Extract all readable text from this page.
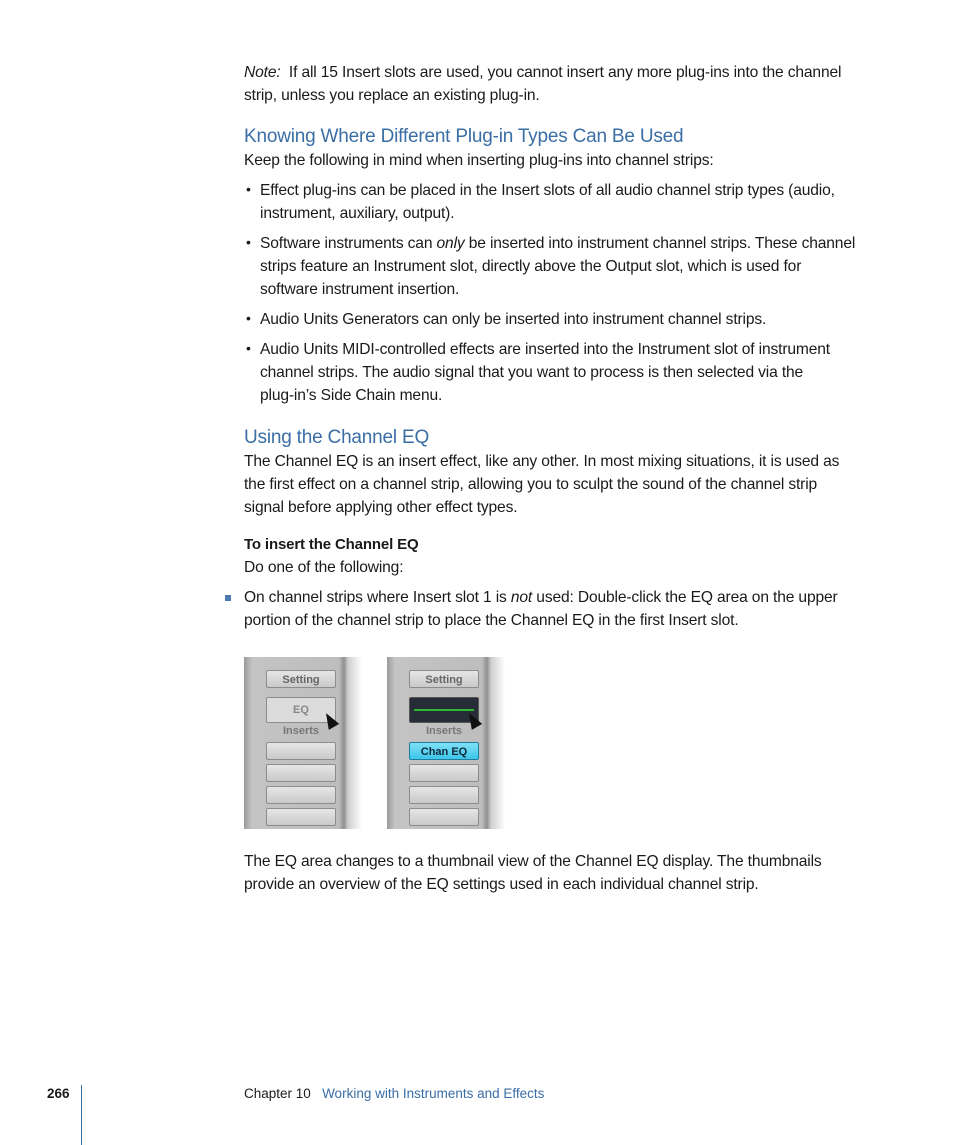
Note: If all 15 Insert slots are used, you cannot insert any more plug-ins into the channel
strip, unless you replace an existing plug-in.
Knowing Where Different Plug-in Types Can Be Used
Keep the following in mind when inserting plug-ins into channel strips:
• Effect plug-ins can be placed in the Insert slots of all audio channel strip types (audio,
instrument, auxiliary, output).
• Software instruments can only be inserted into instrument channel strips. These channel
strips feature an Instrument slot, directly above the Output slot, which is used for
software instrument insertion.
• Audio Units Generators can only be inserted into instrument channel strips.
• Audio Units MIDI-controlled effects are inserted into the Instrument slot of instrument
channel strips. The audio signal that you want to process is then selected via the
plug-in’s Side Chain menu.
Using the Channel EQ
The Channel EQ is an insert effect, like any other. In most mixing situations, it is used as
the first effect on a channel strip, allowing you to sculpt the sound of the channel strip
signal before applying other effect types.
To insert the Channel EQ
Do one of the following:
On channel strips where Insert slot 1 is not used: Double-click the EQ area on the upper
portion of the channel strip to place the Channel EQ in the first Insert slot.
Setting
EQ
Inserts
Setting
Inserts
Chan EQ
The EQ area changes to a thumbnail view of the Channel EQ display. The thumbnails
provide an overview of the EQ settings used in each individual channel strip.
266	Chapter 10 Working with Instruments and Effects
